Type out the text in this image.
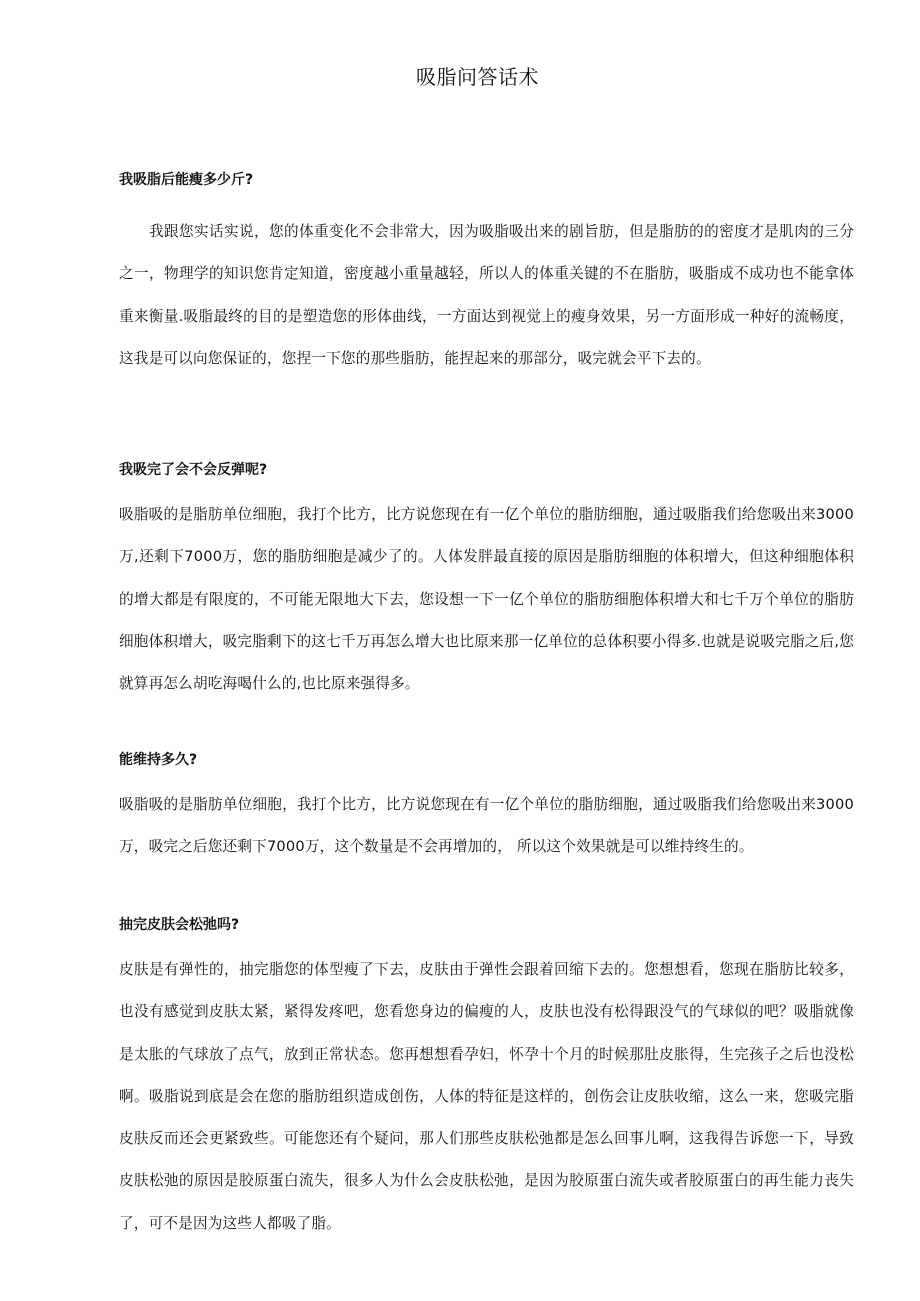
吸脂问答话术

我吸脂后能瘦多少斤?

我跟您实话实说，您的体重变化不会非常大，因为吸脂吸出来的剧旨肪，但是脂肪的的密度才是肌肉的三分之一，物理学的知识您肯定知道，密度越小重量越轻，所以人的体重关键的不在脂肪，吸脂成不成功也不能拿体重来衡量.吸脂最终的目的是塑造您的形体曲线，一方面达到视觉上的瘦身效果，另一方面形成一种好的流畅度，这我是可以向您保证的，您捏一下您的那些脂肪，能捏起来的那部分，吸完就会平下去的。

我吸完了会不会反弹呢?

吸脂吸的是脂肪单位细胞，我打个比方，比方说您现在有一亿个单位的脂肪细胞，通过吸脂我们给您吸出来3000万,还剩下7000万，您的脂肪细胞是减少了的。人体发胖最直接的原因是脂肪细胞的体积增大，但这种细胞体积的增大都是有限度的，不可能无限地大下去，您设想一下一亿个单位的脂肪细胞体积增大和七千万个单位的脂肪细胞体积增大，吸完脂剩下的这七千万再怎么增大也比原来那一亿单位的总体积要小得多.也就是说吸完脂之后,您就算再怎么胡吃海喝什么的,也比原来强得多。

能维持多久?

吸脂吸的是脂肪单位细胞，我打个比方，比方说您现在有一亿个单位的脂肪细胞，通过吸脂我们给您吸出来3000万，吸完之后您还剩下7000万，这个数量是不会再增加的， 所以这个效果就是可以维持终生的。

抽完皮肤会松弛吗?

皮肤是有弹性的，抽完脂您的体型瘦了下去，皮肤由于弹性会跟着回缩下去的。您想想看，您现在脂肪比较多，也没有感觉到皮肤太紧，紧得发疼吧，您看您身边的偏瘦的人，皮肤也没有松得跟没气的气球似的吧？吸脂就像是太胀的气球放了点气，放到正常状态。您再想想看孕妇，怀孕十个月的时候那肚皮胀得，生完孩子之后也没松啊。吸脂说到底是会在您的脂肪组织造成创伤，人体的特征是这样的，创伤会让皮肤收缩，这么一来，您吸完脂皮肤反而还会更紧致些。可能您还有个疑问，那人们那些皮肤松弛都是怎么回事儿啊，这我得告诉您一下，导致皮肤松弛的原因是胶原蛋白流失，很多人为什么会皮肤松弛，是因为胶原蛋白流失或者胶原蛋白的再生能力丧失了，可不是因为这些人都吸了脂。
